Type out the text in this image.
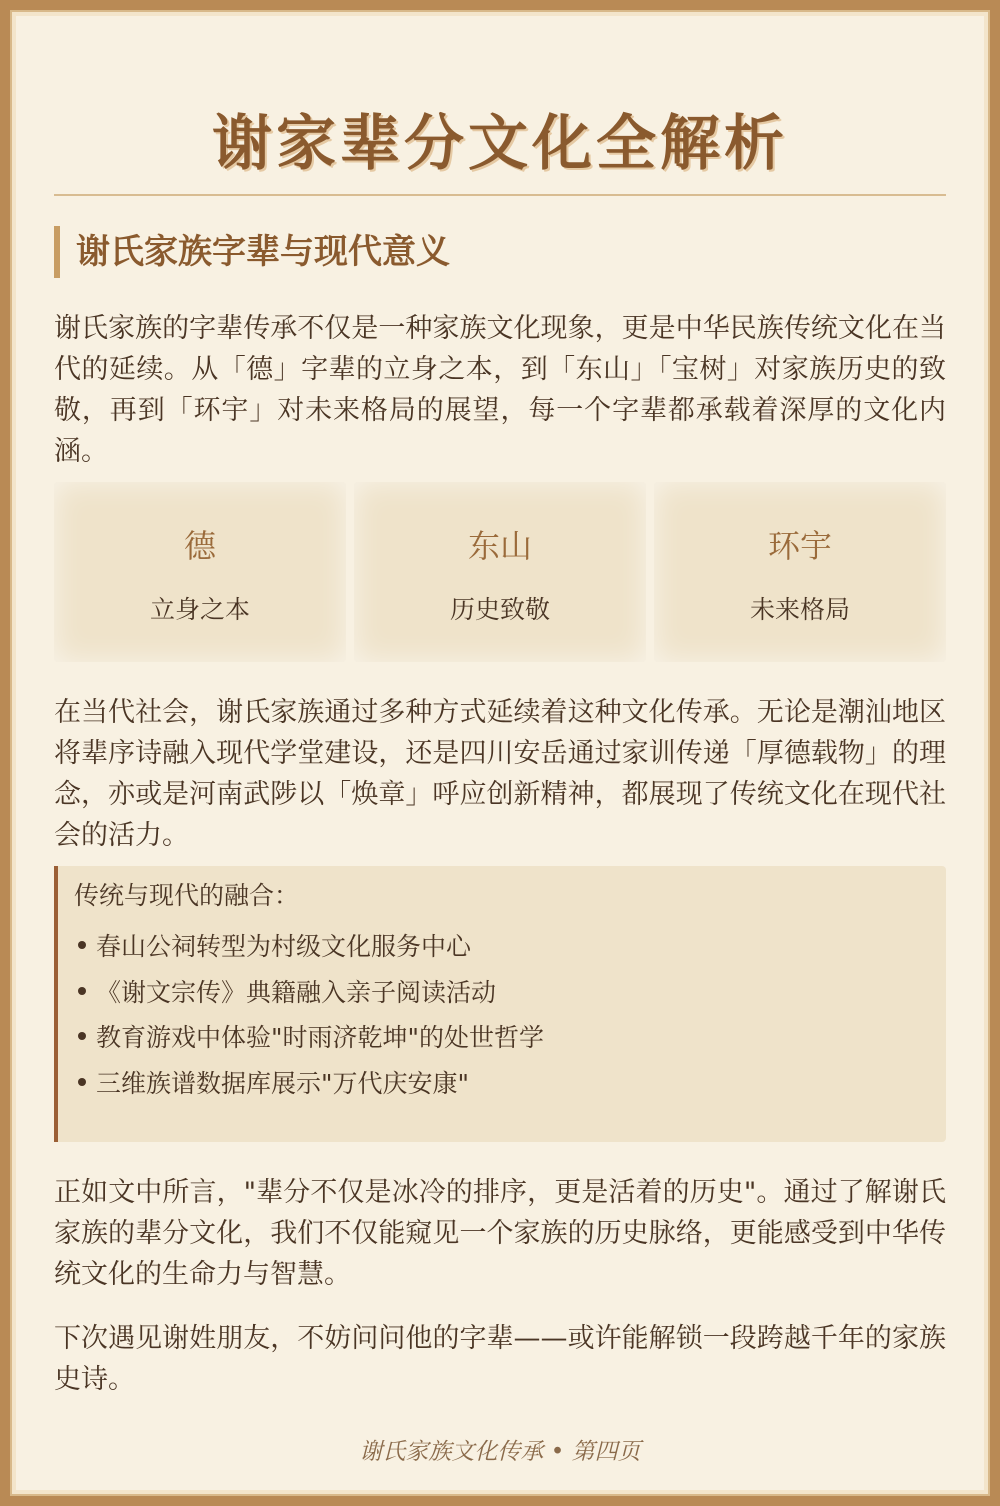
谢家辈分文化全解析
谢氏家族字辈与现代意义

谢氏家族的字辈传承不仅是一种家族文化现象，更是中华民族传统文化在当代的延续。从「德」字辈的立身之本，到「东山」「宝树」对家族历史的致敬，再到「环宇」对未来格局的展望，每一个字辈都承载着深厚的文化内涵。

德
立身之本
东山
历史致敬
环宇
未来格局

在当代社会，谢氏家族通过多种方式延续着这种文化传承。无论是潮汕地区将辈序诗融入现代学堂建设，还是四川安岳通过家训传递「厚德载物」的理念，亦或是河南武陟以「焕章」呼应创新精神，都展现了传统文化在现代社会的活力。

传统与现代的融合：
春山公祠转型为村级文化服务中心
《谢文宗传》典籍融入亲子阅读活动
教育游戏中体验"时雨济乾坤"的处世哲学
三维族谱数据库展示"万代庆安康"

正如文中所言，"辈分不仅是冰冷的排序，更是活着的历史"。通过了解谢氏家族的辈分文化，我们不仅能窥见一个家族的历史脉络，更能感受到中华传统文化的生命力与智慧。

下次遇见谢姓朋友，不妨问问他的字辈——或许能解锁一段跨越千年的家族史诗。

谢氏家族文化传承 • 第四页
